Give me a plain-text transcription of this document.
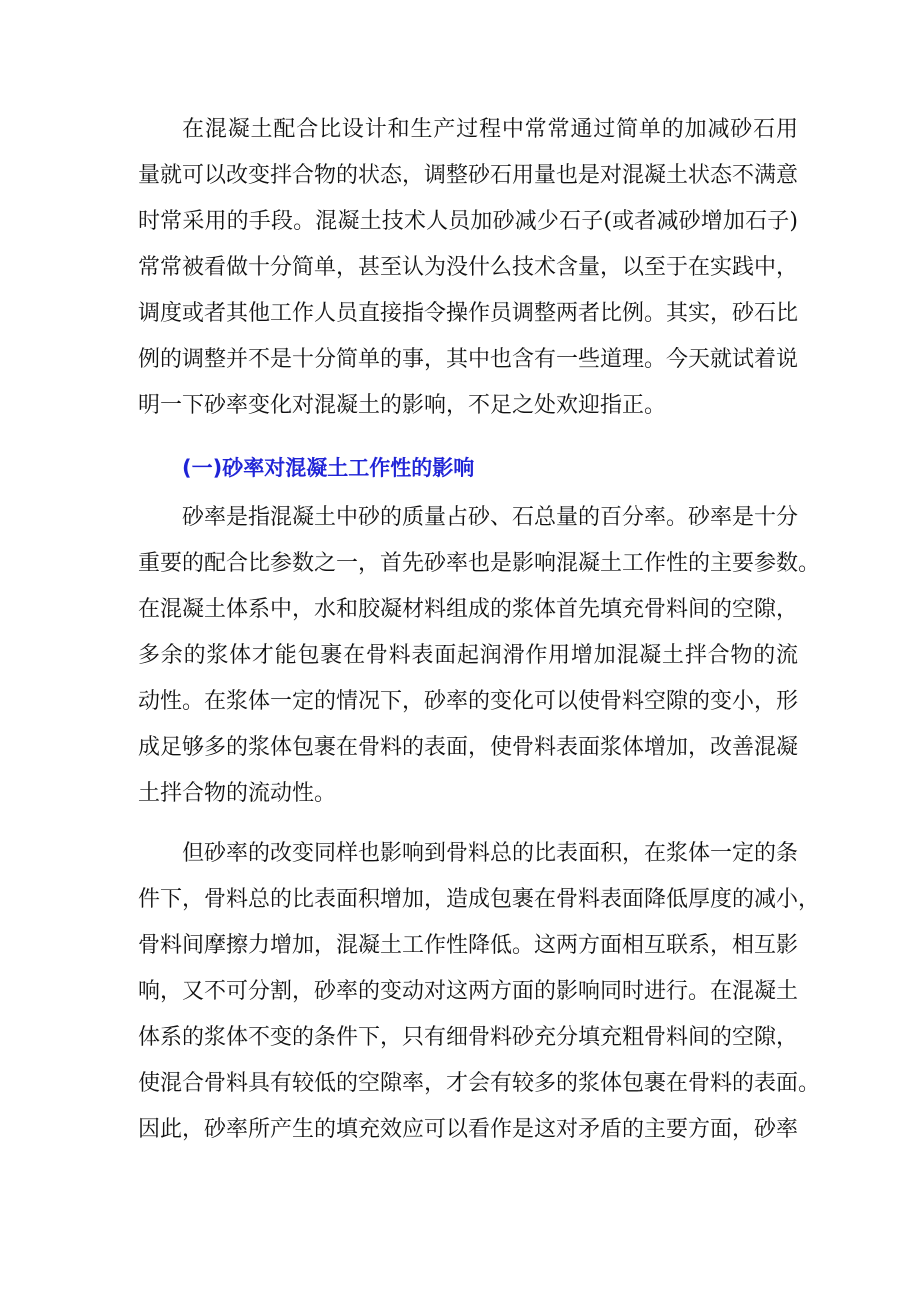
在混凝土配合比设计和生产过程中常常通过简单的加减砂石用
量就可以改变拌合物的状态，调整砂石用量也是对混凝土状态不满意
时常采用的手段。混凝土技术人员加砂减少石子(或者减砂增加石子)
常常被看做十分简单，甚至认为没什么技术含量，以至于在实践中，
调度或者其他工作人员直接指令操作员调整两者比例。其实，砂石比
例的调整并不是十分简单的事，其中也含有一些道理。今天就试着说
明一下砂率变化对混凝土的影响，不足之处欢迎指正。
(一)砂率对混凝土工作性的影响
砂率是指混凝土中砂的质量占砂、石总量的百分率。砂率是十分
重要的配合比参数之一，首先砂率也是影响混凝土工作性的主要参数。
在混凝土体系中，水和胶凝材料组成的浆体首先填充骨料间的空隙，
多余的浆体才能包裹在骨料表面起润滑作用增加混凝土拌合物的流
动性。在浆体一定的情况下，砂率的变化可以使骨料空隙的变小，形
成足够多的浆体包裹在骨料的表面，使骨料表面浆体增加，改善混凝
土拌合物的流动性。
但砂率的改变同样也影响到骨料总的比表面积，在浆体一定的条
件下，骨料总的比表面积增加，造成包裹在骨料表面降低厚度的减小，
骨料间摩擦力增加，混凝土工作性降低。这两方面相互联系，相互影
响，又不可分割，砂率的变动对这两方面的影响同时进行。在混凝土
体系的浆体不变的条件下，只有细骨料砂充分填充粗骨料间的空隙，
使混合骨料具有较低的空隙率，才会有较多的浆体包裹在骨料的表面。
因此，砂率所产生的填充效应可以看作是这对矛盾的主要方面，砂率
